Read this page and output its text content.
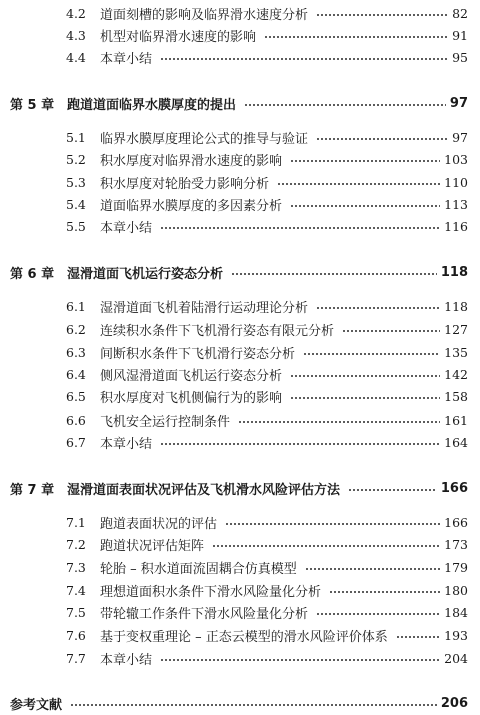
4.2 道面刻槽的影响及临界滑水速度分析	82
4.3 机型对临界滑水速度的影响	91
4.4 本章小结	95
第 5 章 跑道道面临界水膜厚度的提出	97
5.1 临界水膜厚度理论公式的推导与验证	97
5.2 积水厚度对临界滑水速度的影响	103
5.3 积水厚度对轮胎受力影响分析	110
5.4 道面临界水膜厚度的多因素分析	113
5.5 本章小结	116
第 6 章 湿滑道面飞机运行姿态分析	118
6.1 湿滑道面飞机着陆滑行运动理论分析	118
6.2 连续积水条件下飞机滑行姿态有限元分析	127
6.3 间断积水条件下飞机滑行姿态分析	135
6.4 侧风湿滑道面飞机运行姿态分析	142
6.5 积水厚度对飞机侧偏行为的影响	158
6.6 飞机安全运行控制条件	161
6.7 本章小结	164
第 7 章 湿滑道面表面状况评估及飞机滑水风险评估方法	166
7.1 跑道表面状况的评估	166
7.2 跑道状况评估矩阵	173
7.3 轮胎 – 积水道面流固耦合仿真模型	179
7.4 理想道面积水条件下滑水风险量化分析	180
7.5 带轮辙工作条件下滑水风险量化分析	184
7.6 基于变权重理论 – 正态云模型的滑水风险评价体系	193
7.7 本章小结	204
参考文献	206
